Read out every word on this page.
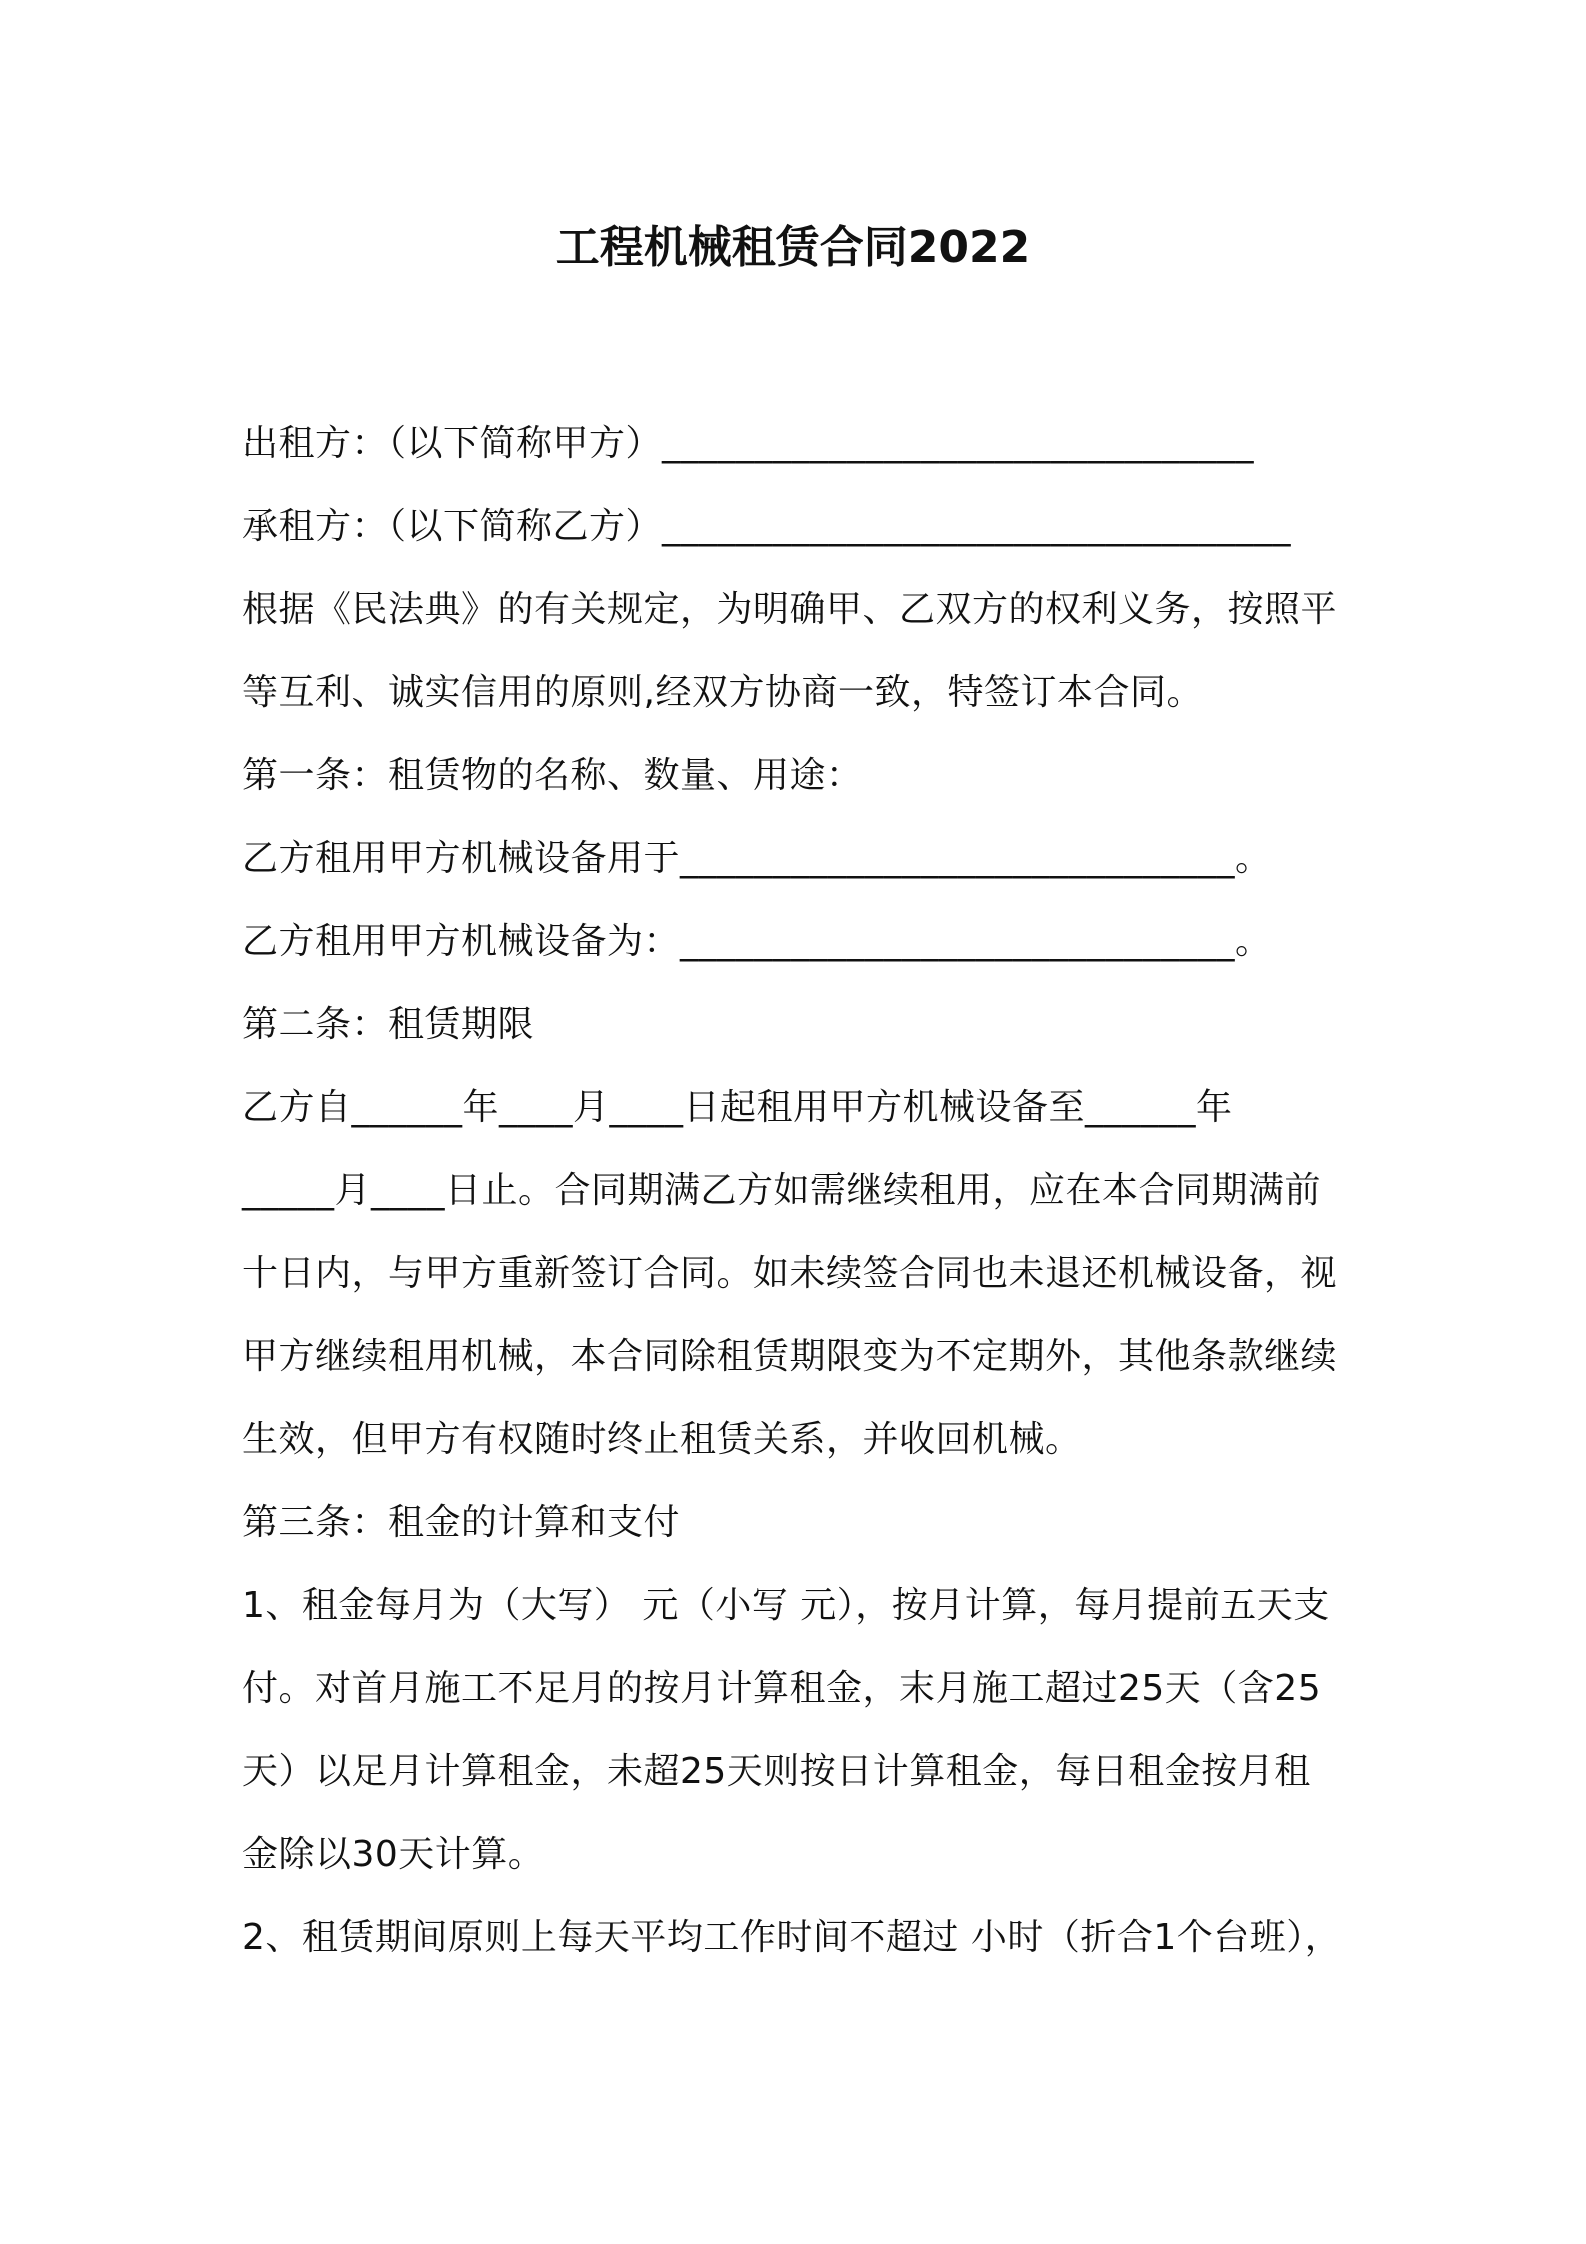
工程机械租赁合同2022
出租方：（以下简称甲方）________________________________
承租方：（以下简称乙方）__________________________________
根据《民法典》的有关规定，为明确甲、乙双方的权利义务，按照平
等互利、诚实信用的原则,经双方协商一致，特签订本合同。
第一条：租赁物的名称、数量、用途：
乙方租用甲方机械设备用于______________________________。
乙方租用甲方机械设备为：______________________________。
第二条：租赁期限
乙方自______年____月____日起租用甲方机械设备至______年
_____月____日止。合同期满乙方如需继续租用，应在本合同期满前
十日内，与甲方重新签订合同。如未续签合同也未退还机械设备，视
甲方继续租用机械，本合同除租赁期限变为不定期外，其他条款继续
生效，但甲方有权随时终止租赁关系，并收回机械。
第三条：租金的计算和支付
1、租金每月为（大写） 元（小写 元），按月计算，每月提前五天支
付。对首月施工不足月的按月计算租金，末月施工超过25天（含25
天）以足月计算租金，未超25天则按日计算租金，每日租金按月租
金除以30天计算。
2、租赁期间原则上每天平均工作时间不超过 小时（折合1个台班），
